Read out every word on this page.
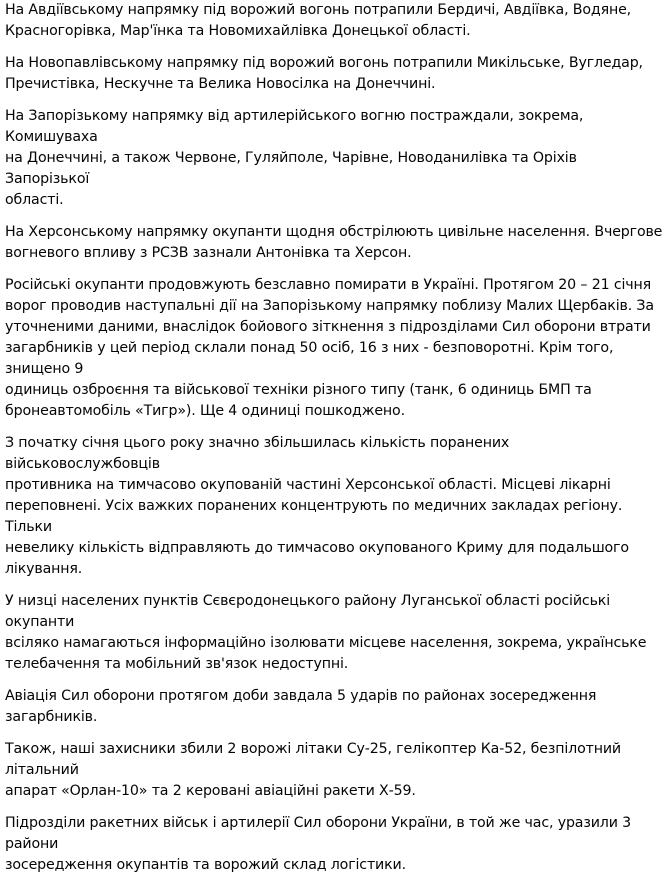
На Авдіївському напрямку під ворожий вогонь потрапили Бердичі, Авдіївка, Водяне,
Красногорівка, Мар'їнка та Новомихайлівка Донецької області.

На Новопавлівському напрямку під ворожий вогонь потрапили Микільське, Вугледар,
Пречистівка, Нескучне та Велика Новосілка на Донеччині.

На Запорізькому напрямку від артилерійського вогню постраждали, зокрема, Комишуваха
на Донеччині, а також Червоне, Гуляйполе, Чарівне, Новоданилівка та Оріхів Запорізької
області.

На Херсонському напрямку окупанти щодня обстрілюють цивільне населення. Вчергове
вогневого впливу з РСЗВ зазнали Антонівка та Херсон.

Російські окупанти продовжують безславно помирати в Україні. Протягом 20 – 21 січня
ворог проводив наступальні дії на Запорізькому напрямку поблизу Малих Щербаків. За
уточненими даними, внаслідок бойового зіткнення з підрозділами Сил оборони втрати
загарбників у цей період склали понад 50 осіб, 16 з них - безповоротні. Крім того, знищено 9
одиниць озброєння та військової техніки різного типу (танк, 6 одиниць БМП та
бронеавтомобіль «Тигр»). Ще 4 одиниці пошкоджено.

З початку січня цього року значно збільшилась кількість поранених військовослужбовців
противника на тимчасово окупованій частині Херсонської області. Місцеві лікарні
переповнені. Усіх важких поранених концентрують по медичних закладах регіону. Тільки
невелику кількість відправляють до тимчасово окупованого Криму для подальшого
лікування.

У низці населених пунктів Сєвєродонецького району Луганської області російські окупанти
всіляко намагаються інформаційно ізолювати місцеве населення, зокрема, українське
телебачення та мобільний зв'язок недоступні.

Авіація Сил оборони протягом доби завдала 5 ударів по районах зосередження загарбників.

Також, наші захисники збили 2 ворожі літаки Су-25, гелікоптер Ка-52, безпілотний літальний
апарат «Орлан-10» та 2 керовані авіаційні ракети Х-59.

Підрозділи ракетних військ і артилерії Сил оборони України, в той же час, уразили 3 райони
зосередження окупантів та ворожий склад логістики.
